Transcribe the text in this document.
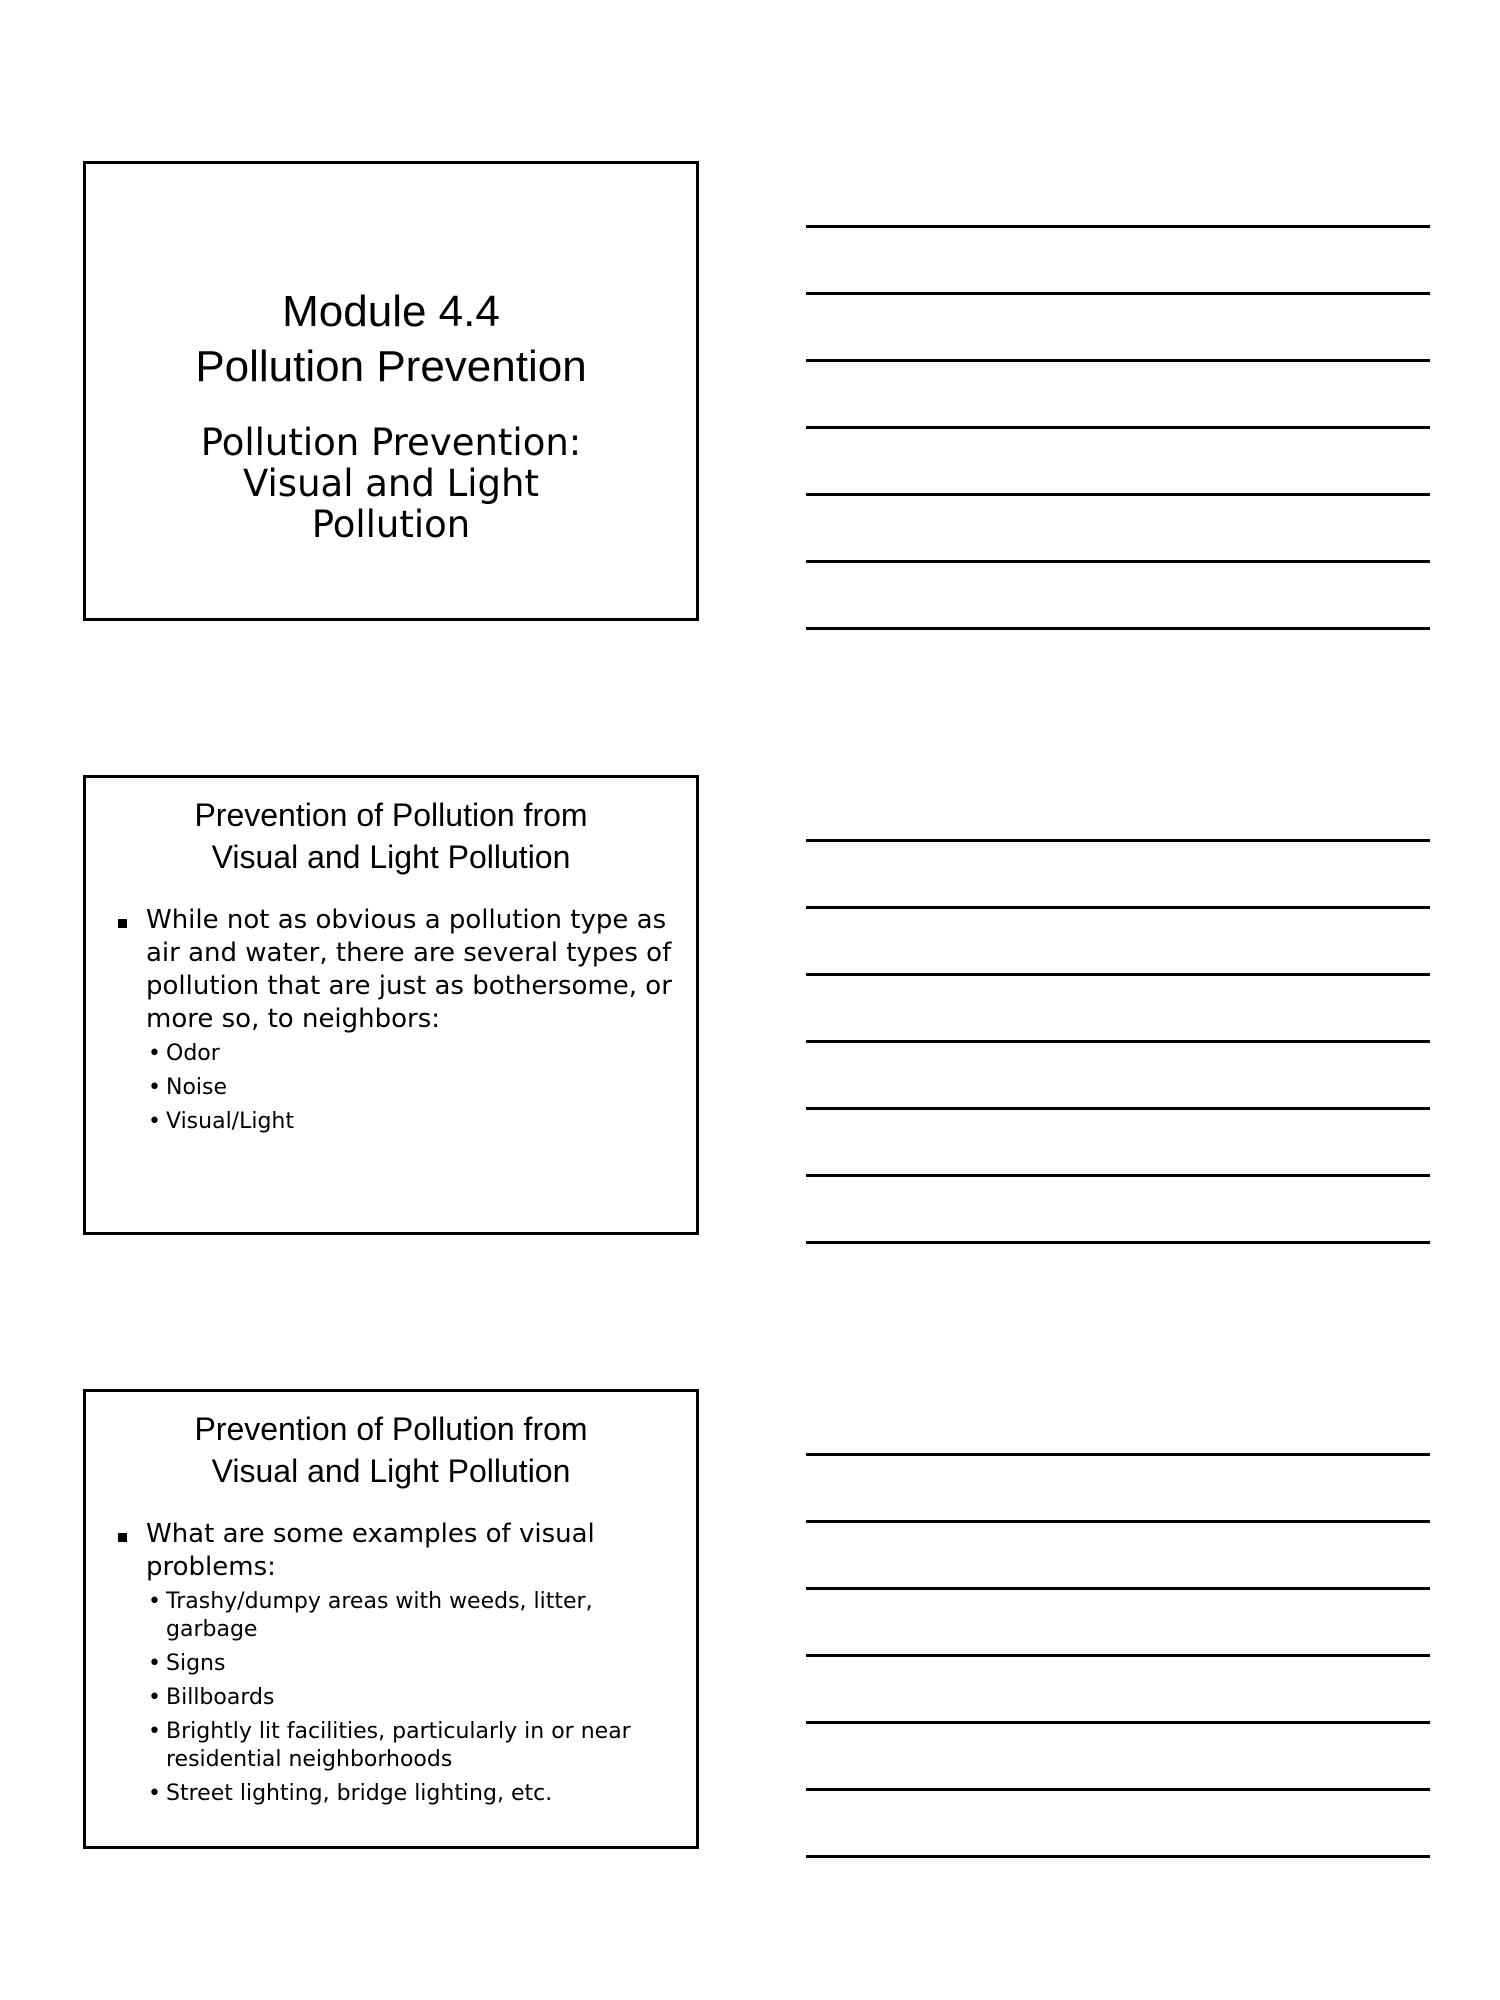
Module 4.4
Pollution Prevention
Pollution Prevention:
Visual and Light
Pollution
Prevention of Pollution from
Visual and Light Pollution
While not as obvious a pollution type as air and water, there are several types of pollution that are just as bothersome, or more so, to neighbors:
• Odor
• Noise
• Visual/Light
Prevention of Pollution from
Visual and Light Pollution
What are some examples of visual problems:
• Trashy/dumpy areas with weeds, litter, garbage
• Signs
• Billboards
• Brightly lit facilities, particularly in or near residential neighborhoods
• Street lighting, bridge lighting, etc.
